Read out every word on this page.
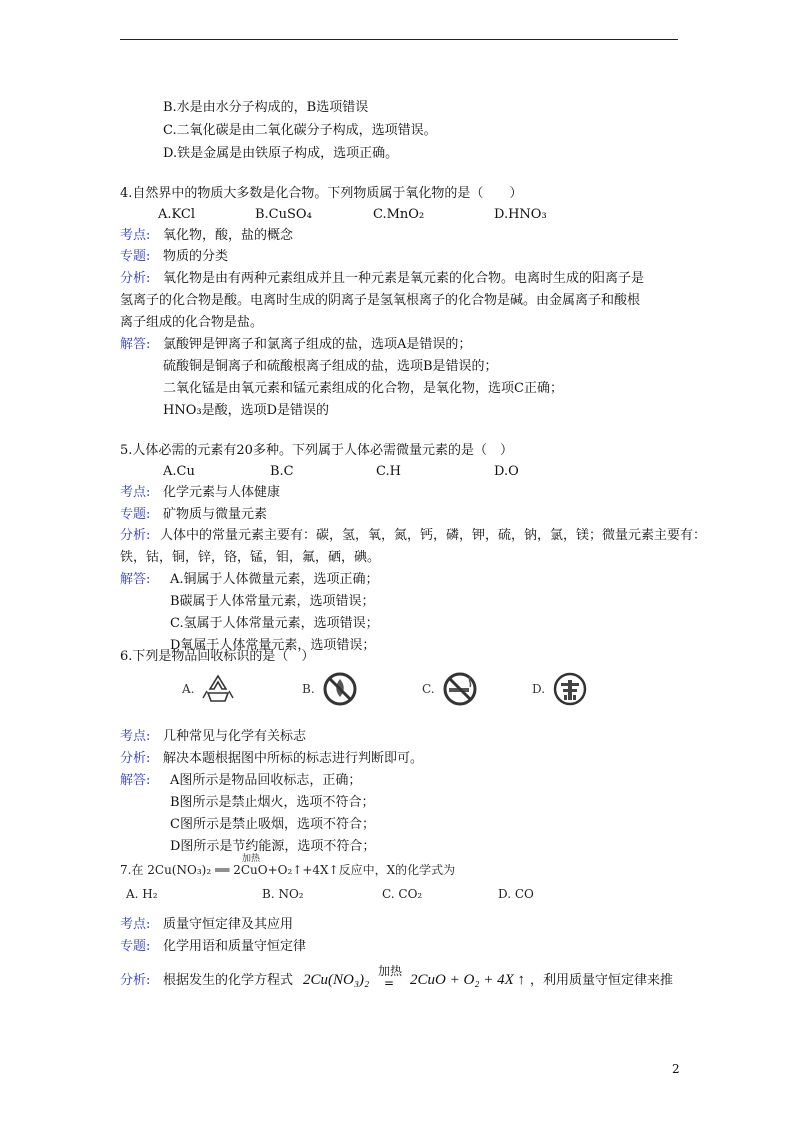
B.水是由水分子构成的，B选项错误
C.二氧化碳是由二氧化碳分子构成，选项错误。
D.铁是金属是由铁原子构成，选项正确。
4.自然界中的物质大多数是化合物。下列物质属于氧化物的是（　　）
A.KCl	B.CuSO₄	C.MnO₂	D.HNO₃
考点: 氧化物，酸，盐的概念
专题: 物质的分类
分析: 氧化物是由有两种元素组成并且一种元素是氧元素的化合物。电离时生成的阳离子是
氢离子的化合物是酸。电离时生成的阴离子是氢氧根离子的化合物是碱。由金属离子和酸根
离子组成的化合物是盐。
解答: 氯酸钾是钾离子和氯离子组成的盐，选项A是错误的；
硫酸铜是铜离子和硫酸根离子组成的盐，选项B是错误的；
二氧化锰是由氧元素和锰元素组成的化合物，是氧化物，选项C正确；
HNO₃是酸，选项D是错误的
5.人体必需的元素有20多种。下列属于人体必需微量元素的是（　）
A.Cu	B.C	C.H	D.O
考点: 化学元素与人体健康
专题: 矿物质与微量元素
分析: 人体中的常量元素主要有：碳，氢，氧，氮，钙，磷，钾，硫，钠，氯，镁；微量元素主要有：
铁，钴，铜，锌，铬，锰，钼，氟，硒，碘。
解答: A.铜属于人体微量元素，选项正确；
B碳属于人体常量元素，选项错误；
C.氢属于人体常量元素，选项错误；
D氧属于人体常量元素，选项错误；
6.下列是物品回收标识的是（　）
A.	B.	C.	D.
考点: 几种常见与化学有关标志
分析: 解决本题根据图中所标的标志进行判断即可。
解答: A图所示是物品回收标志，正确；
B图所示是禁止烟火，选项不符合；
C图所示是禁止吸烟，选项不符合；
D图所示是节约能源，选项不符合；
7.在 2Cu(NO₃)₂ ══ 2CuO+O₂↑+4X↑反应中，X的化学式为
加热
A. H₂	B. NO₂	C. CO₂	D. CO
考点: 质量守恒定律及其应用
专题: 化学用语和质量守恒定律
分析: 根据发生的化学方程式 2Cu(NO₃)₂
加热
= 2CuO + O₂ + 4X ↑ ，利用质量守恒定律来推
2
